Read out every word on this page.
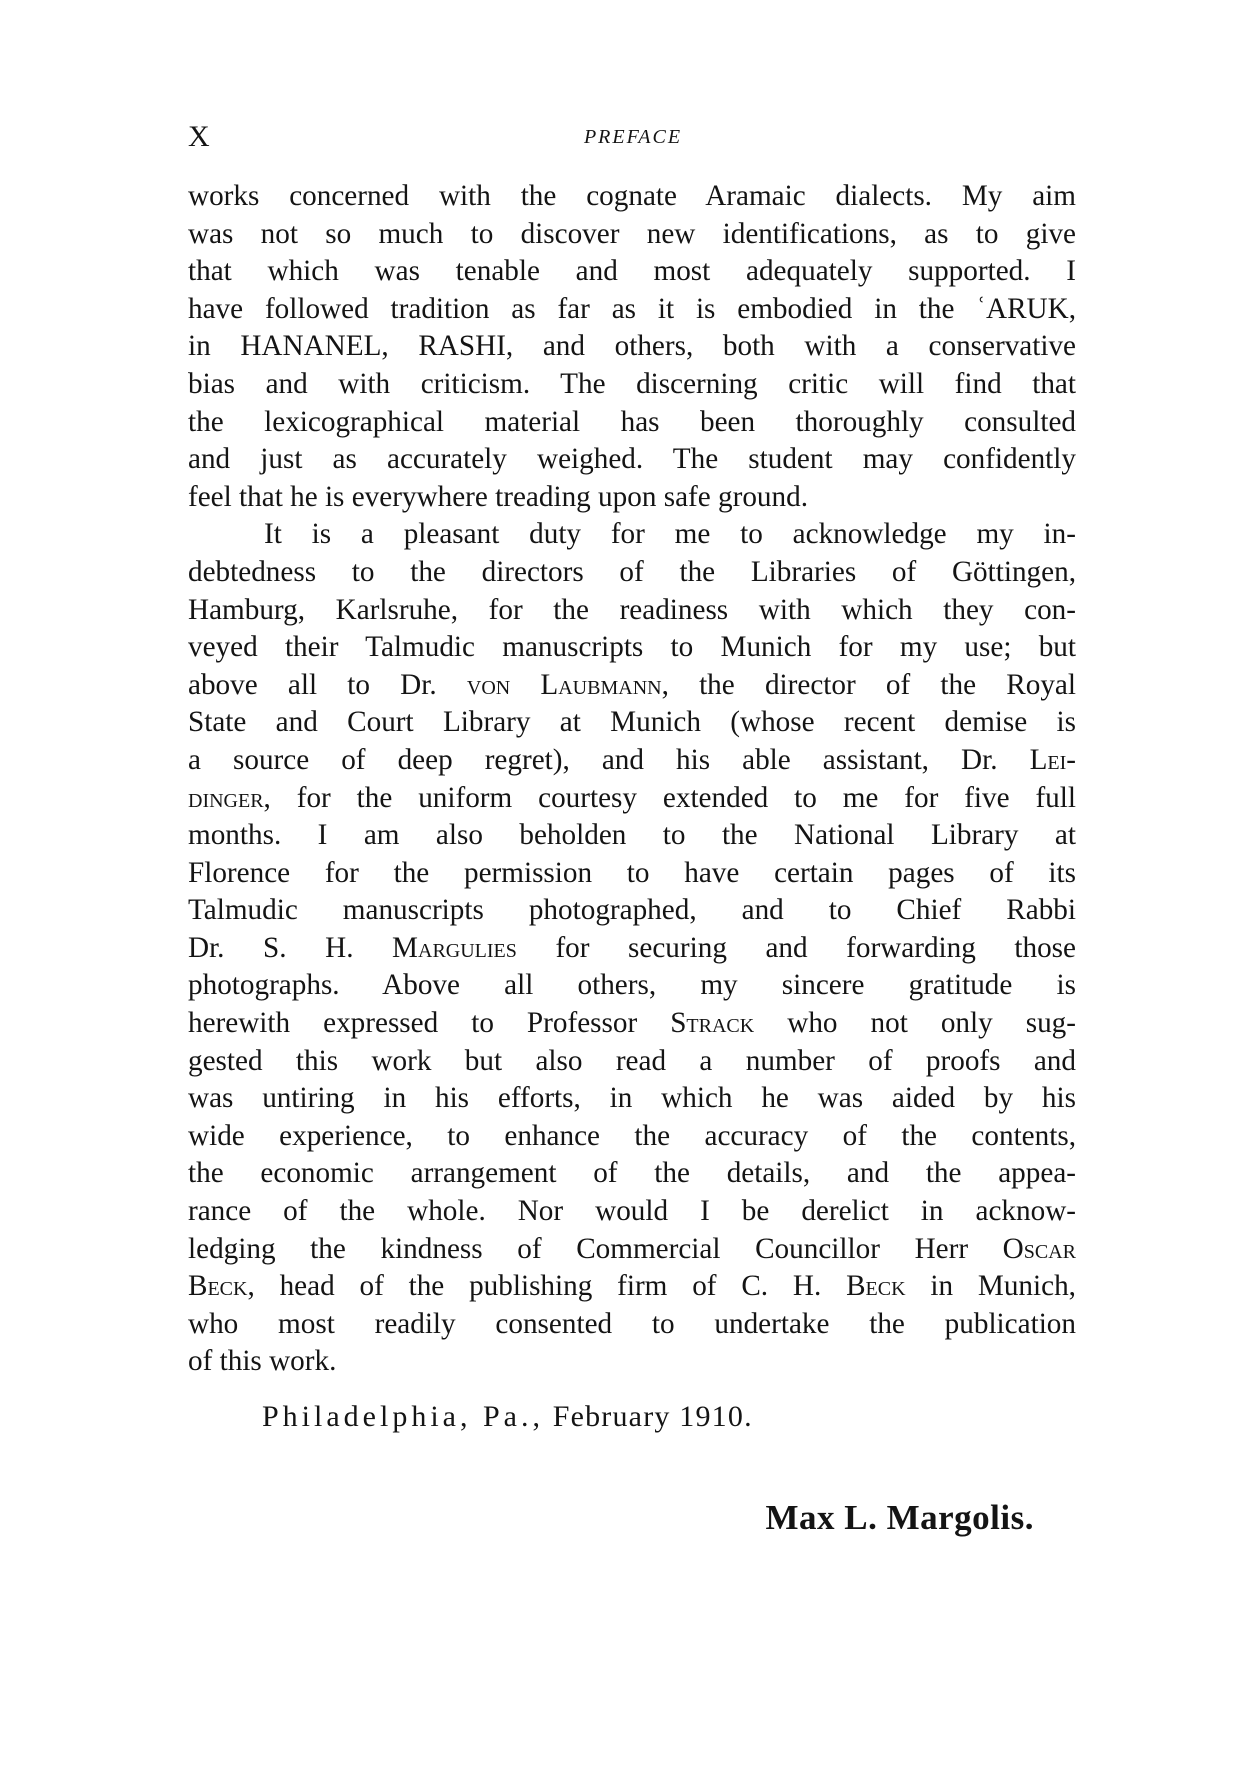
X	PREFACE
works concerned with the cognate Aramaic dialects. My aim
was not so much to discover new identifications, as to give
that which was tenable and most adequately supported. I
have followed tradition as far as it is embodied in the ʿARUK,
in HANANEL, RASHI, and others, both with a conservative
bias and with criticism. The discerning critic will find that
the lexicographical material has been thoroughly consulted
and just as accurately weighed. The student may confidently
feel that he is everywhere treading upon safe ground.
It is a pleasant duty for me to acknowledge my in-
debtedness to the directors of the Libraries of Göttingen,
Hamburg, Karlsruhe, for the readiness with which they con-
veyed their Talmudic manuscripts to Munich for my use; but
above all to Dr. von Laubmann, the director of the Royal
State and Court Library at Munich (whose recent demise is
a source of deep regret), and his able assistant, Dr. Lei-
dinger, for the uniform courtesy extended to me for five full
months. I am also beholden to the National Library at
Florence for the permission to have certain pages of its
Talmudic manuscripts photographed, and to Chief Rabbi
Dr. S. H. Margulies for securing and forwarding those
photographs. Above all others, my sincere gratitude is
herewith expressed to Professor Strack who not only sug-
gested this work but also read a number of proofs and
was untiring in his efforts, in which he was aided by his
wide experience, to enhance the accuracy of the contents,
the economic arrangement of the details, and the appea-
rance of the whole. Nor would I be derelict in acknow-
ledging the kindness of Commercial Councillor Herr Oscar
Beck, head of the publishing firm of C. H. Beck in Munich,
who most readily consented to undertake the publication
of this work.
Philadelphia, Pa., February 1910.
Max L. Margolis.
